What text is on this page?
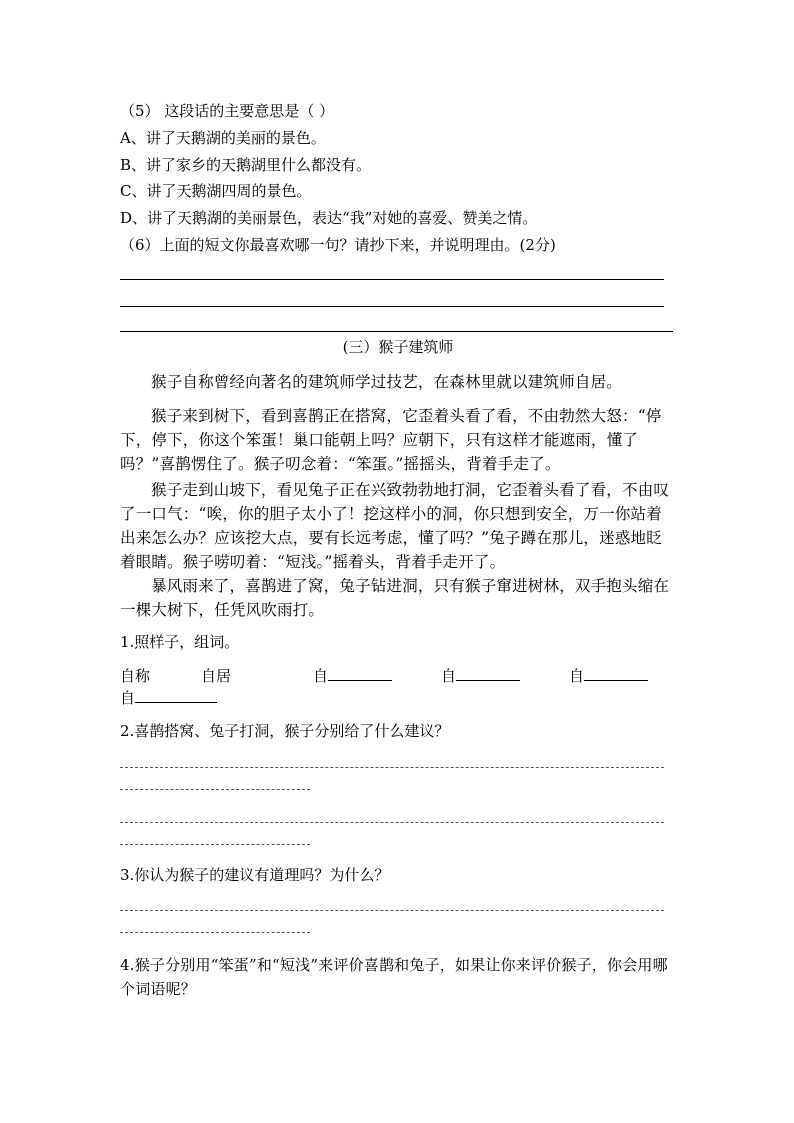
（5） 这段话的主要意思是（ ）
A、讲了天鹅湖的美丽的景色。
B、讲了家乡的天鹅湖里什么都没有。
C、讲了天鹅湖四周的景色。
D、讲了天鹅湖的美丽景色，表达“我”对她的喜爱、赞美之情。
（6）上面的短文你最喜欢哪一句？请抄下来，并说明理由。(2分)
(三）猴子建筑师
猴子自称曾经向著名的建筑师学过技艺，在森林里就以建筑师自居。
猴子来到树下，看到喜鹊正在搭窝，它歪着头看了看，不由勃然大怒：“停下，停下，你这个笨蛋！巢口能朝上吗？应朝下，只有这样才能遮雨，懂了吗？”喜鹊愣住了。猴子叨念着：“笨蛋。”摇摇头，背着手走了。
猴子走到山坡下，看见兔子正在兴致勃勃地打洞，它歪着头看了看，不由叹了一口气：“唉，你的胆子太小了！挖这样小的洞，你只想到安全，万一你站着出来怎么办？应该挖大点，要有长远考虑，懂了吗？”兔子蹲在那儿，迷惑地眨着眼睛。猴子唠叨着：“短浅。”摇着头，背着手走开了。
暴风雨来了，喜鹊进了窝，兔子钻进洞，只有猴子窜进树林，双手抱头缩在一棵大树下，任凭风吹雨打。
1.照样子，组词。
自称	自居	自	自	自
自
2.喜鹊搭窝、兔子打洞，猴子分别给了什么建议？
3.你认为猴子的建议有道理吗？为什么？
4.猴子分别用“笨蛋”和“短浅”来评价喜鹊和兔子，如果让你来评价猴子，你会用哪个词语呢？
